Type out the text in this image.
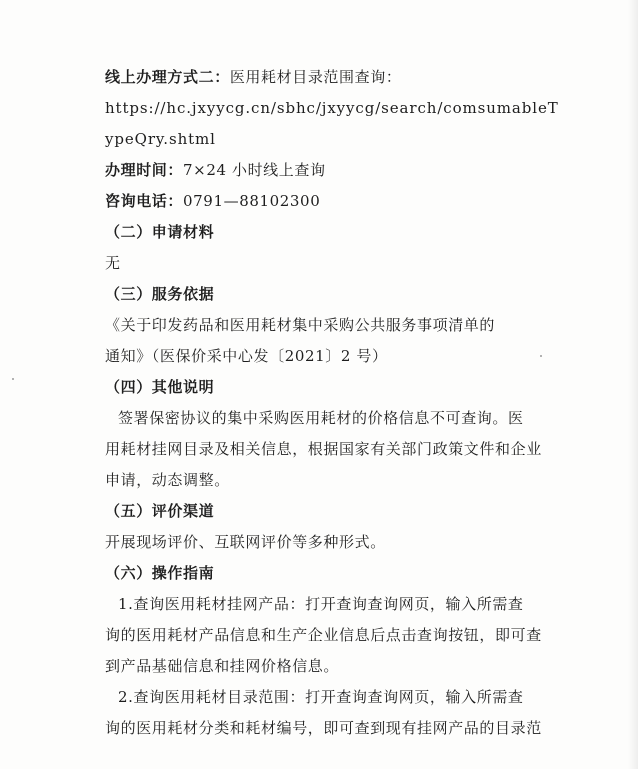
线上办理方式二：医用耗材目录范围查询：
https://hc.jxyycg.cn/sbhc/jxyycg/search/comsumableT
ypeQry.shtml
办理时间：7×24 小时线上查询
咨询电话：0791—88102300
（二）申请材料
无
（三）服务依据
《关于印发药品和医用耗材集中采购公共服务事项清单的
通知》（医保价采中心发〔2021〕2 号）
（四）其他说明
签署保密协议的集中采购医用耗材的价格信息不可查询。医
用耗材挂网目录及相关信息，根据国家有关部门政策文件和企业
申请，动态调整。
（五）评价渠道
开展现场评价、互联网评价等多种形式。
（六）操作指南
1.查询医用耗材挂网产品：打开查询查询网页，输入所需查
询的医用耗材产品信息和生产企业信息后点击查询按钮，即可查
到产品基础信息和挂网价格信息。
2.查询医用耗材目录范围：打开查询查询网页，输入所需查
询的医用耗材分类和耗材编号，即可查到现有挂网产品的目录范
